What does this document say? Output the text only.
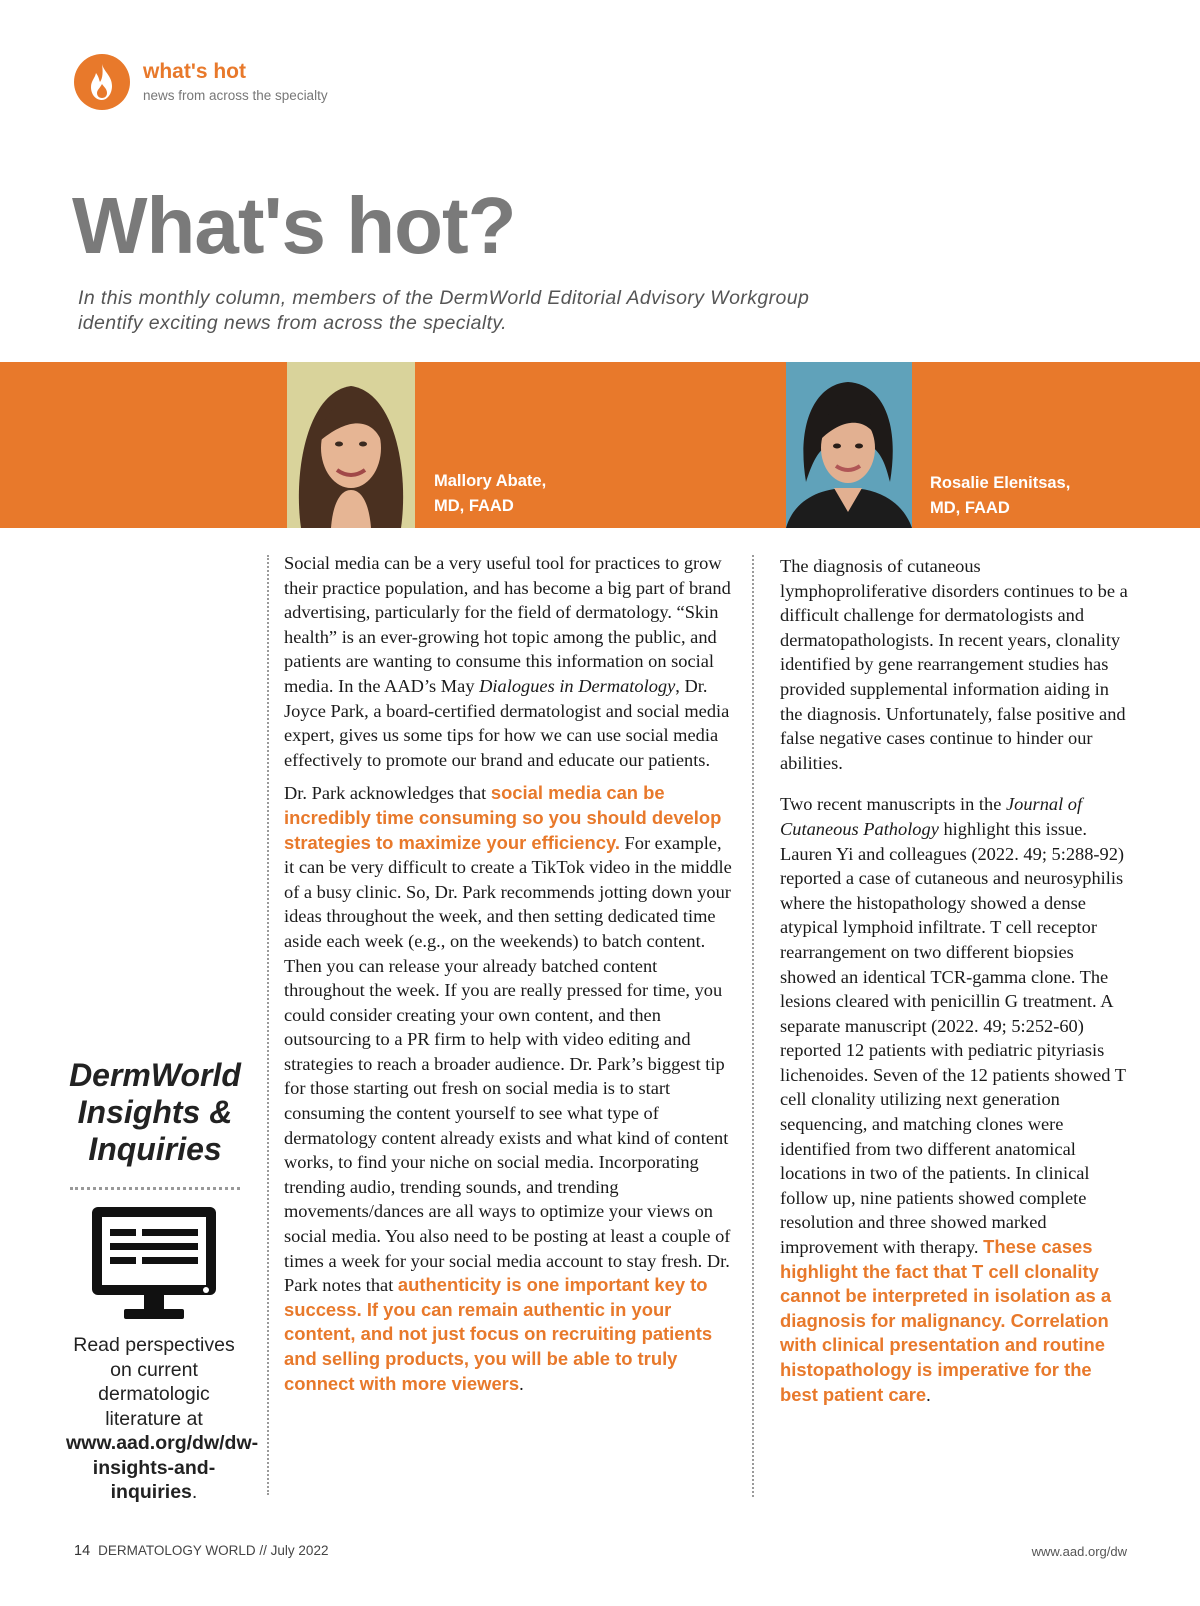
what's hot
news from across the specialty
What's hot?
In this monthly column, members of the DermWorld Editorial Advisory Workgroup identify exciting news from across the specialty.
Mallory Abate,
MD, FAAD
Rosalie Elenitsas,
MD, FAAD
DermWorld
Insights &
Inquiries
Read perspectives on current dermatologic literature at www.aad.org/dw/dw-insights-and-inquiries.

Social media can be a very useful tool for practices to grow their practice population, and has become a big part of brand advertising, particularly for the field of dermatology. “Skin health” is an ever-growing hot topic among the public, and patients are wanting to consume this information on social media. In the AAD’s May Dialogues in Dermatology, Dr. Joyce Park, a board-certified dermatologist and social media expert, gives us some tips for how we can use social media effectively to promote our brand and educate our patients.

Dr. Park acknowledges that social media can be incredibly time consuming so you should develop strategies to maximize your efficiency. For example, it can be very difficult to create a TikTok video in the middle of a busy clinic. So, Dr. Park recommends jotting down your ideas throughout the week, and then setting dedicated time aside each week (e.g., on the weekends) to batch content. Then you can release your already batched content throughout the week. If you are really pressed for time, you could consider creating your own content, and then outsourcing to a PR firm to help with video editing and strategies to reach a broader audience. Dr. Park’s biggest tip for those starting out fresh on social media is to start consuming the content yourself to see what type of dermatology content already exists and what kind of content works, to find your niche on social media. Incorporating trending audio, trending sounds, and trending movements/dances are all ways to optimize your views on social media. You also need to be posting at least a couple of times a week for your social media account to stay fresh. Dr. Park notes that authenticity is one important key to success. If you can remain authentic in your content, and not just focus on recruiting patients and selling products, you will be able to truly connect with more viewers.

The diagnosis of cutaneous lymphoproliferative disorders continues to be a difficult challenge for dermatologists and dermatopathologists. In recent years, clonality identified by gene rearrangement studies has provided supplemental information aiding in the diagnosis. Unfortunately, false positive and false negative cases continue to hinder our abilities.

Two recent manuscripts in the Journal of Cutaneous Pathology highlight this issue. Lauren Yi and colleagues (2022. 49; 5:288-92) reported a case of cutaneous and neurosyphilis where the histopathology showed a dense atypical lymphoid infiltrate. T cell receptor rearrangement on two different biopsies showed an identical TCR-gamma clone. The lesions cleared with penicillin G treatment. A separate manuscript (2022. 49; 5:252-60) reported 12 patients with pediatric pityriasis lichenoides. Seven of the 12 patients showed T cell clonality utilizing next generation sequencing, and matching clones were identified from two different anatomical locations in two of the patients. In clinical follow up, nine patients showed complete resolution and three showed marked improvement with therapy. These cases highlight the fact that T cell clonality cannot be interpreted in isolation as a diagnosis for malignancy. Correlation with clinical presentation and routine histopathology is imperative for the best patient care.

14 DERMATOLOGY WORLD // July 2022	www.aad.org/dw
